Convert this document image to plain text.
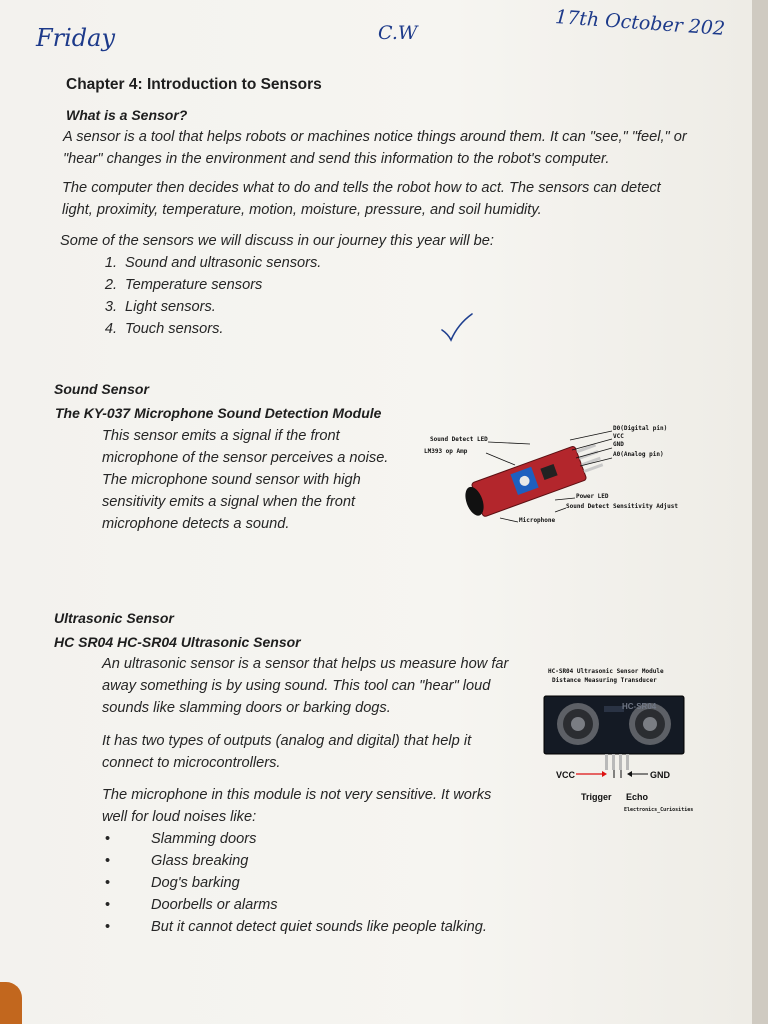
Friday	C.W	17th October 202
Chapter 4: Introduction to Sensors
What is a Sensor?

A sensor is a tool that helps robots or machines notice things around them. It can "see," "feel," or

"hear" changes in the environment and send this information to the robot's computer.

The computer then decides what to do and tells the robot how to act. The sensors can detect

light, proximity, temperature, motion, moisture, pressure, and soil humidity.

Some of the sensors we will discuss in our journey this year will be:
1. Sound and ultrasonic sensors.
2. Temperature sensors
3. Light sensors.
4. Touch sensors.
Sound Sensor
The KY-037 Microphone Sound Detection Module

This sensor emits a signal if the front

microphone of the sensor perceives a noise.

The microphone sound sensor with high

sensitivity emits a signal when the front

microphone detects a sound.

Sound Detect LED
LM393 op Amp
D0(Digital pin)
VCC
GND
A0(Analog pin)
Power LED
Sound Detect Sensitivity Adjust
Microphone
Ultrasonic Sensor
HC SR04 HC-SR04 Ultrasonic Sensor

An ultrasonic sensor is a sensor that helps us measure how far

away something is by using sound. This tool can "hear" loud

sounds like slamming doors or barking dogs.

It has two types of outputs (analog and digital) that help it

connect to microcontrollers.

The microphone in this module is not very sensitive. It works

well for loud noises like:

•	Slamming doors
•	Glass breaking
•	Dog's barking
•	Doorbells or alarms
•	But it cannot detect quiet sounds like people talking.
HC-SR04 Ultrasonic Sensor Module
Distance Measuring Transducer
HC-SR04
VCC	GND
Trigger Echo
Electronics_Curiosities
